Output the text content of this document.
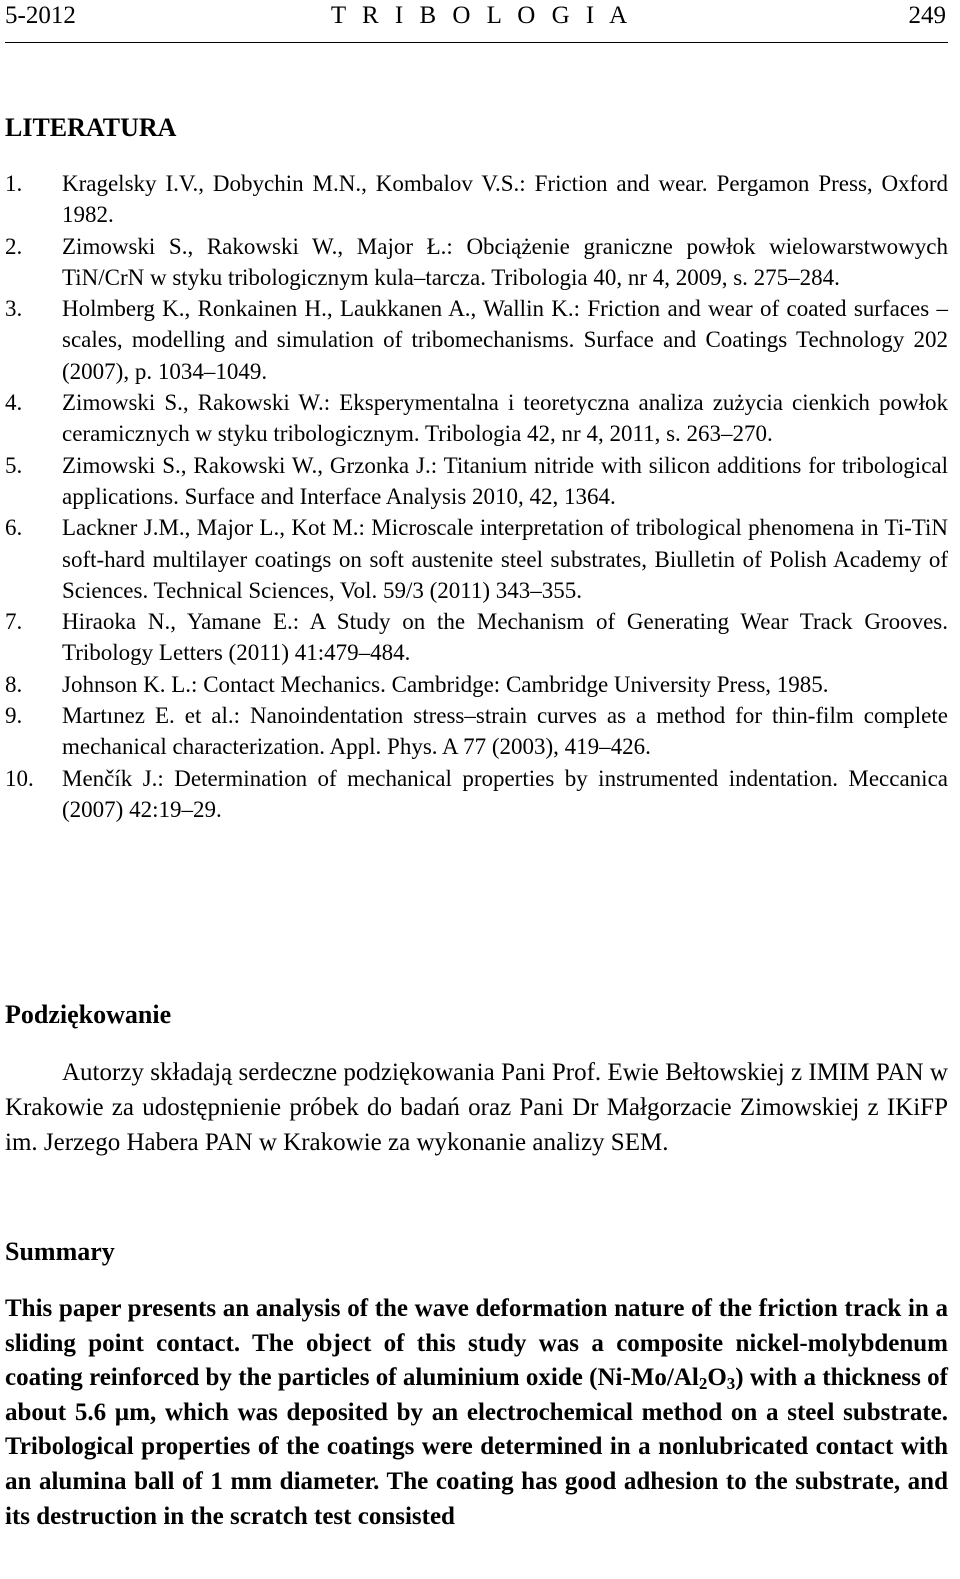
5-2012	T R I B O L O G I A	249
LITERATURA
1. Kragelsky I.V., Dobychin M.N., Kombalov V.S.: Friction and wear. Pergamon Press, Oxford 1982.
2. Zimowski S., Rakowski W., Major Ł.: Obciążenie graniczne powłok wielowarstwowych TiN/CrN w styku tribologicznym kula–tarcza. Tribologia 40, nr 4, 2009, s. 275–284.
3. Holmberg K., Ronkainen H., Laukkanen A., Wallin K.: Friction and wear of coated surfaces – scales, modelling and simulation of tribomechanisms. Surface and Coatings Technology 202 (2007), p. 1034–1049.
4. Zimowski S., Rakowski W.: Eksperymentalna i teoretyczna analiza zużycia cienkich powłok ceramicznych w styku tribologicznym. Tribologia 42, nr 4, 2011, s. 263–270.
5. Zimowski S., Rakowski W., Grzonka J.: Titanium nitride with silicon additions for tribological applications. Surface and Interface Analysis 2010, 42, 1364.
6. Lackner J.M., Major L., Kot M.: Microscale interpretation of tribological phenomena in Ti-TiN soft-hard multilayer coatings on soft austenite steel substrates, Biulletin of Polish Academy of Sciences. Technical Sciences, Vol. 59/3 (2011) 343–355.
7. Hiraoka N., Yamane E.: A Study on the Mechanism of Generating Wear Track Grooves. Tribology Letters (2011) 41:479–484.
8. Johnson K. L.: Contact Mechanics. Cambridge: Cambridge University Press, 1985.
9. Martınez E. et al.: Nanoindentation stress–strain curves as a method for thin-film complete mechanical characterization. Appl. Phys. A 77 (2003), 419–426.
10. Menčík J.: Determination of mechanical properties by instrumented indentation. Meccanica (2007) 42:19–29.
Podziękowanie
Autorzy składają serdeczne podziękowania Pani Prof. Ewie Bełtowskiej z IMIM PAN w Krakowie za udostępnienie próbek do badań oraz Pani Dr Małgorzacie Zimowskiej z IKiFP im. Jerzego Habera PAN w Krakowie za wykonanie analizy SEM.
Summary
This paper presents an analysis of the wave deformation nature of the friction track in a sliding point contact. The object of this study was a composite nickel-molybdenum coating reinforced by the particles of aluminium oxide $(Ni-Mo/Al_2O_3)$ with a thickness of about 5.6 µm, which was deposited by an electrochemical method on a steel substrate. Tribological properties of the coatings were determined in a nonlubricated contact with an alumina ball of 1 mm diameter. The coating has good adhesion to the substrate, and its destruction in the scratch test consisted
